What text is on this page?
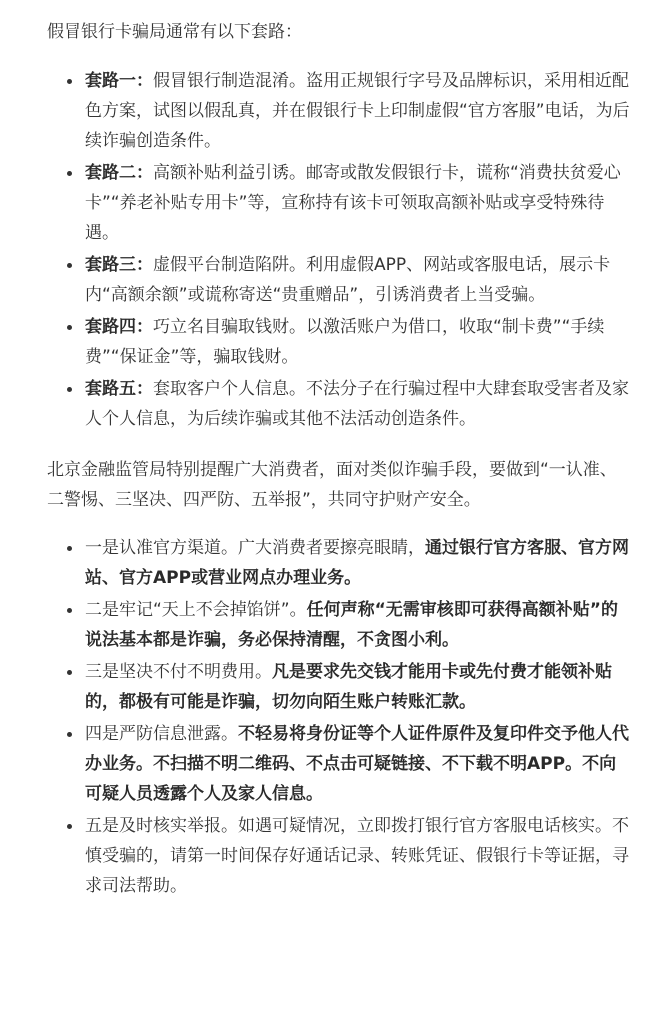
假冒银行卡骗局通常有以下套路：

套路一：假冒银行制造混淆。盗用正规银行字号及品牌标识，采用相近配色方案，试图以假乱真，并在假银行卡上印制虚假“官方客服”电话，为后续诈骗创造条件。
套路二：高额补贴利益引诱。邮寄或散发假银行卡，谎称“消费扶贫爱心卡”“养老补贴专用卡”等，宣称持有该卡可领取高额补贴或享受特殊待遇。
套路三：虚假平台制造陷阱。利用虚假APP、网站或客服电话，展示卡内“高额余额”或谎称寄送“贵重赠品”，引诱消费者上当受骗。
套路四：巧立名目骗取钱财。以激活账户为借口，收取“制卡费”“手续费”“保证金”等，骗取钱财。
套路五：套取客户个人信息。不法分子在行骗过程中大肆套取受害者及家人个人信息，为后续诈骗或其他不法活动创造条件。

北京金融监管局特别提醒广大消费者，面对类似诈骗手段，要做到“一认准、二警惕、三坚决、四严防、五举报”，共同守护财产安全。

一是认准官方渠道。广大消费者要擦亮眼睛，通过银行官方客服、官方网站、官方APP或营业网点办理业务。
二是牢记“天上不会掉馅饼”。任何声称“无需审核即可获得高额补贴”的说法基本都是诈骗，务必保持清醒，不贪图小利。
三是坚决不付不明费用。凡是要求先交钱才能用卡或先付费才能领补贴的，都极有可能是诈骗，切勿向陌生账户转账汇款。
四是严防信息泄露。不轻易将身份证等个人证件原件及复印件交予他人代办业务。不扫描不明二维码、不点击可疑链接、不下载不明APP。不向可疑人员透露个人及家人信息。
五是及时核实举报。如遇可疑情况，立即拨打银行官方客服电话核实。不慎受骗的，请第一时间保存好通话记录、转账凭证、假银行卡等证据，寻求司法帮助。
